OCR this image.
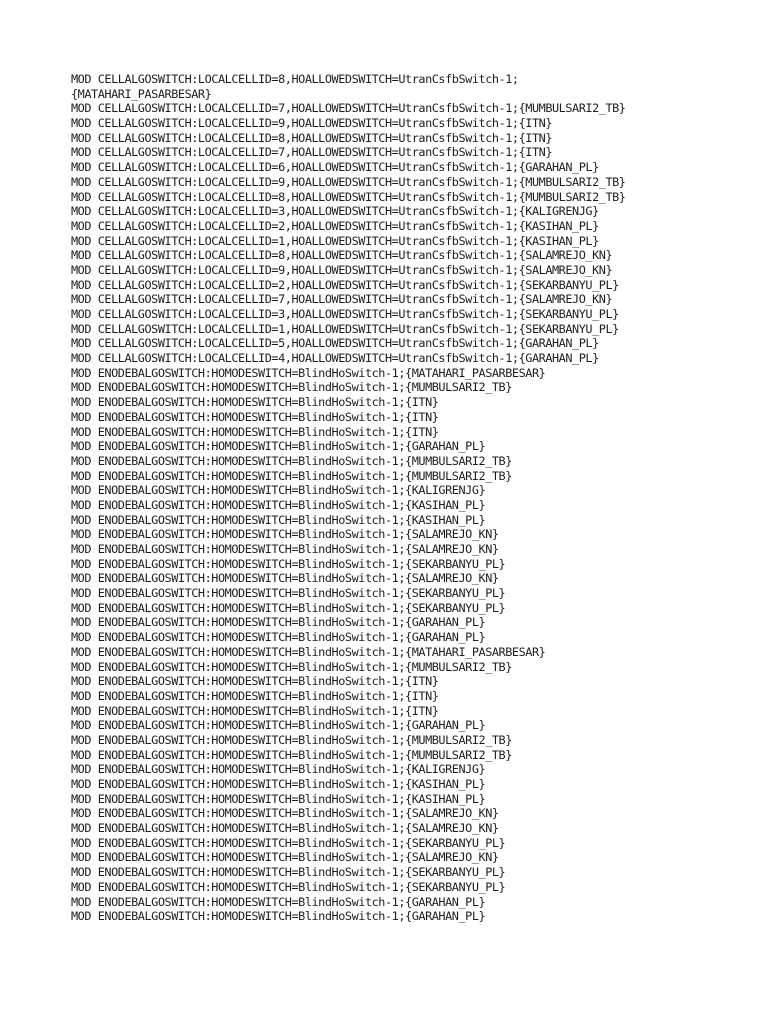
MOD CELLALGOSWITCH:LOCALCELLID=8,HOALLOWEDSWITCH=UtranCsfbSwitch-1;
{MATAHARI_PASARBESAR}
MOD CELLALGOSWITCH:LOCALCELLID=7,HOALLOWEDSWITCH=UtranCsfbSwitch-1;{MUMBULSARI2_TB}
MOD CELLALGOSWITCH:LOCALCELLID=9,HOALLOWEDSWITCH=UtranCsfbSwitch-1;{ITN}
MOD CELLALGOSWITCH:LOCALCELLID=8,HOALLOWEDSWITCH=UtranCsfbSwitch-1;{ITN}
MOD CELLALGOSWITCH:LOCALCELLID=7,HOALLOWEDSWITCH=UtranCsfbSwitch-1;{ITN}
MOD CELLALGOSWITCH:LOCALCELLID=6,HOALLOWEDSWITCH=UtranCsfbSwitch-1;{GARAHAN_PL}
MOD CELLALGOSWITCH:LOCALCELLID=9,HOALLOWEDSWITCH=UtranCsfbSwitch-1;{MUMBULSARI2_TB}
MOD CELLALGOSWITCH:LOCALCELLID=8,HOALLOWEDSWITCH=UtranCsfbSwitch-1;{MUMBULSARI2_TB}
MOD CELLALGOSWITCH:LOCALCELLID=3,HOALLOWEDSWITCH=UtranCsfbSwitch-1;{KALIGRENJG}
MOD CELLALGOSWITCH:LOCALCELLID=2,HOALLOWEDSWITCH=UtranCsfbSwitch-1;{KASIHAN_PL}
MOD CELLALGOSWITCH:LOCALCELLID=1,HOALLOWEDSWITCH=UtranCsfbSwitch-1;{KASIHAN_PL}
MOD CELLALGOSWITCH:LOCALCELLID=8,HOALLOWEDSWITCH=UtranCsfbSwitch-1;{SALAMREJO_KN}
MOD CELLALGOSWITCH:LOCALCELLID=9,HOALLOWEDSWITCH=UtranCsfbSwitch-1;{SALAMREJO_KN}
MOD CELLALGOSWITCH:LOCALCELLID=2,HOALLOWEDSWITCH=UtranCsfbSwitch-1;{SEKARBANYU_PL}
MOD CELLALGOSWITCH:LOCALCELLID=7,HOALLOWEDSWITCH=UtranCsfbSwitch-1;{SALAMREJO_KN}
MOD CELLALGOSWITCH:LOCALCELLID=3,HOALLOWEDSWITCH=UtranCsfbSwitch-1;{SEKARBANYU_PL}
MOD CELLALGOSWITCH:LOCALCELLID=1,HOALLOWEDSWITCH=UtranCsfbSwitch-1;{SEKARBANYU_PL}
MOD CELLALGOSWITCH:LOCALCELLID=5,HOALLOWEDSWITCH=UtranCsfbSwitch-1;{GARAHAN_PL}
MOD CELLALGOSWITCH:LOCALCELLID=4,HOALLOWEDSWITCH=UtranCsfbSwitch-1;{GARAHAN_PL}
MOD ENODEBALGOSWITCH:HOMODESWITCH=BlindHoSwitch-1;{MATAHARI_PASARBESAR}
MOD ENODEBALGOSWITCH:HOMODESWITCH=BlindHoSwitch-1;{MUMBULSARI2_TB}
MOD ENODEBALGOSWITCH:HOMODESWITCH=BlindHoSwitch-1;{ITN}
MOD ENODEBALGOSWITCH:HOMODESWITCH=BlindHoSwitch-1;{ITN}
MOD ENODEBALGOSWITCH:HOMODESWITCH=BlindHoSwitch-1;{ITN}
MOD ENODEBALGOSWITCH:HOMODESWITCH=BlindHoSwitch-1;{GARAHAN_PL}
MOD ENODEBALGOSWITCH:HOMODESWITCH=BlindHoSwitch-1;{MUMBULSARI2_TB}
MOD ENODEBALGOSWITCH:HOMODESWITCH=BlindHoSwitch-1;{MUMBULSARI2_TB}
MOD ENODEBALGOSWITCH:HOMODESWITCH=BlindHoSwitch-1;{KALIGRENJG}
MOD ENODEBALGOSWITCH:HOMODESWITCH=BlindHoSwitch-1;{KASIHAN_PL}
MOD ENODEBALGOSWITCH:HOMODESWITCH=BlindHoSwitch-1;{KASIHAN_PL}
MOD ENODEBALGOSWITCH:HOMODESWITCH=BlindHoSwitch-1;{SALAMREJO_KN}
MOD ENODEBALGOSWITCH:HOMODESWITCH=BlindHoSwitch-1;{SALAMREJO_KN}
MOD ENODEBALGOSWITCH:HOMODESWITCH=BlindHoSwitch-1;{SEKARBANYU_PL}
MOD ENODEBALGOSWITCH:HOMODESWITCH=BlindHoSwitch-1;{SALAMREJO_KN}
MOD ENODEBALGOSWITCH:HOMODESWITCH=BlindHoSwitch-1;{SEKARBANYU_PL}
MOD ENODEBALGOSWITCH:HOMODESWITCH=BlindHoSwitch-1;{SEKARBANYU_PL}
MOD ENODEBALGOSWITCH:HOMODESWITCH=BlindHoSwitch-1;{GARAHAN_PL}
MOD ENODEBALGOSWITCH:HOMODESWITCH=BlindHoSwitch-1;{GARAHAN_PL}
MOD ENODEBALGOSWITCH:HOMODESWITCH=BlindHoSwitch-1;{MATAHARI_PASARBESAR}
MOD ENODEBALGOSWITCH:HOMODESWITCH=BlindHoSwitch-1;{MUMBULSARI2_TB}
MOD ENODEBALGOSWITCH:HOMODESWITCH=BlindHoSwitch-1;{ITN}
MOD ENODEBALGOSWITCH:HOMODESWITCH=BlindHoSwitch-1;{ITN}
MOD ENODEBALGOSWITCH:HOMODESWITCH=BlindHoSwitch-1;{ITN}
MOD ENODEBALGOSWITCH:HOMODESWITCH=BlindHoSwitch-1;{GARAHAN_PL}
MOD ENODEBALGOSWITCH:HOMODESWITCH=BlindHoSwitch-1;{MUMBULSARI2_TB}
MOD ENODEBALGOSWITCH:HOMODESWITCH=BlindHoSwitch-1;{MUMBULSARI2_TB}
MOD ENODEBALGOSWITCH:HOMODESWITCH=BlindHoSwitch-1;{KALIGRENJG}
MOD ENODEBALGOSWITCH:HOMODESWITCH=BlindHoSwitch-1;{KASIHAN_PL}
MOD ENODEBALGOSWITCH:HOMODESWITCH=BlindHoSwitch-1;{KASIHAN_PL}
MOD ENODEBALGOSWITCH:HOMODESWITCH=BlindHoSwitch-1;{SALAMREJO_KN}
MOD ENODEBALGOSWITCH:HOMODESWITCH=BlindHoSwitch-1;{SALAMREJO_KN}
MOD ENODEBALGOSWITCH:HOMODESWITCH=BlindHoSwitch-1;{SEKARBANYU_PL}
MOD ENODEBALGOSWITCH:HOMODESWITCH=BlindHoSwitch-1;{SALAMREJO_KN}
MOD ENODEBALGOSWITCH:HOMODESWITCH=BlindHoSwitch-1;{SEKARBANYU_PL}
MOD ENODEBALGOSWITCH:HOMODESWITCH=BlindHoSwitch-1;{SEKARBANYU_PL}
MOD ENODEBALGOSWITCH:HOMODESWITCH=BlindHoSwitch-1;{GARAHAN_PL}
MOD ENODEBALGOSWITCH:HOMODESWITCH=BlindHoSwitch-1;{GARAHAN_PL}
